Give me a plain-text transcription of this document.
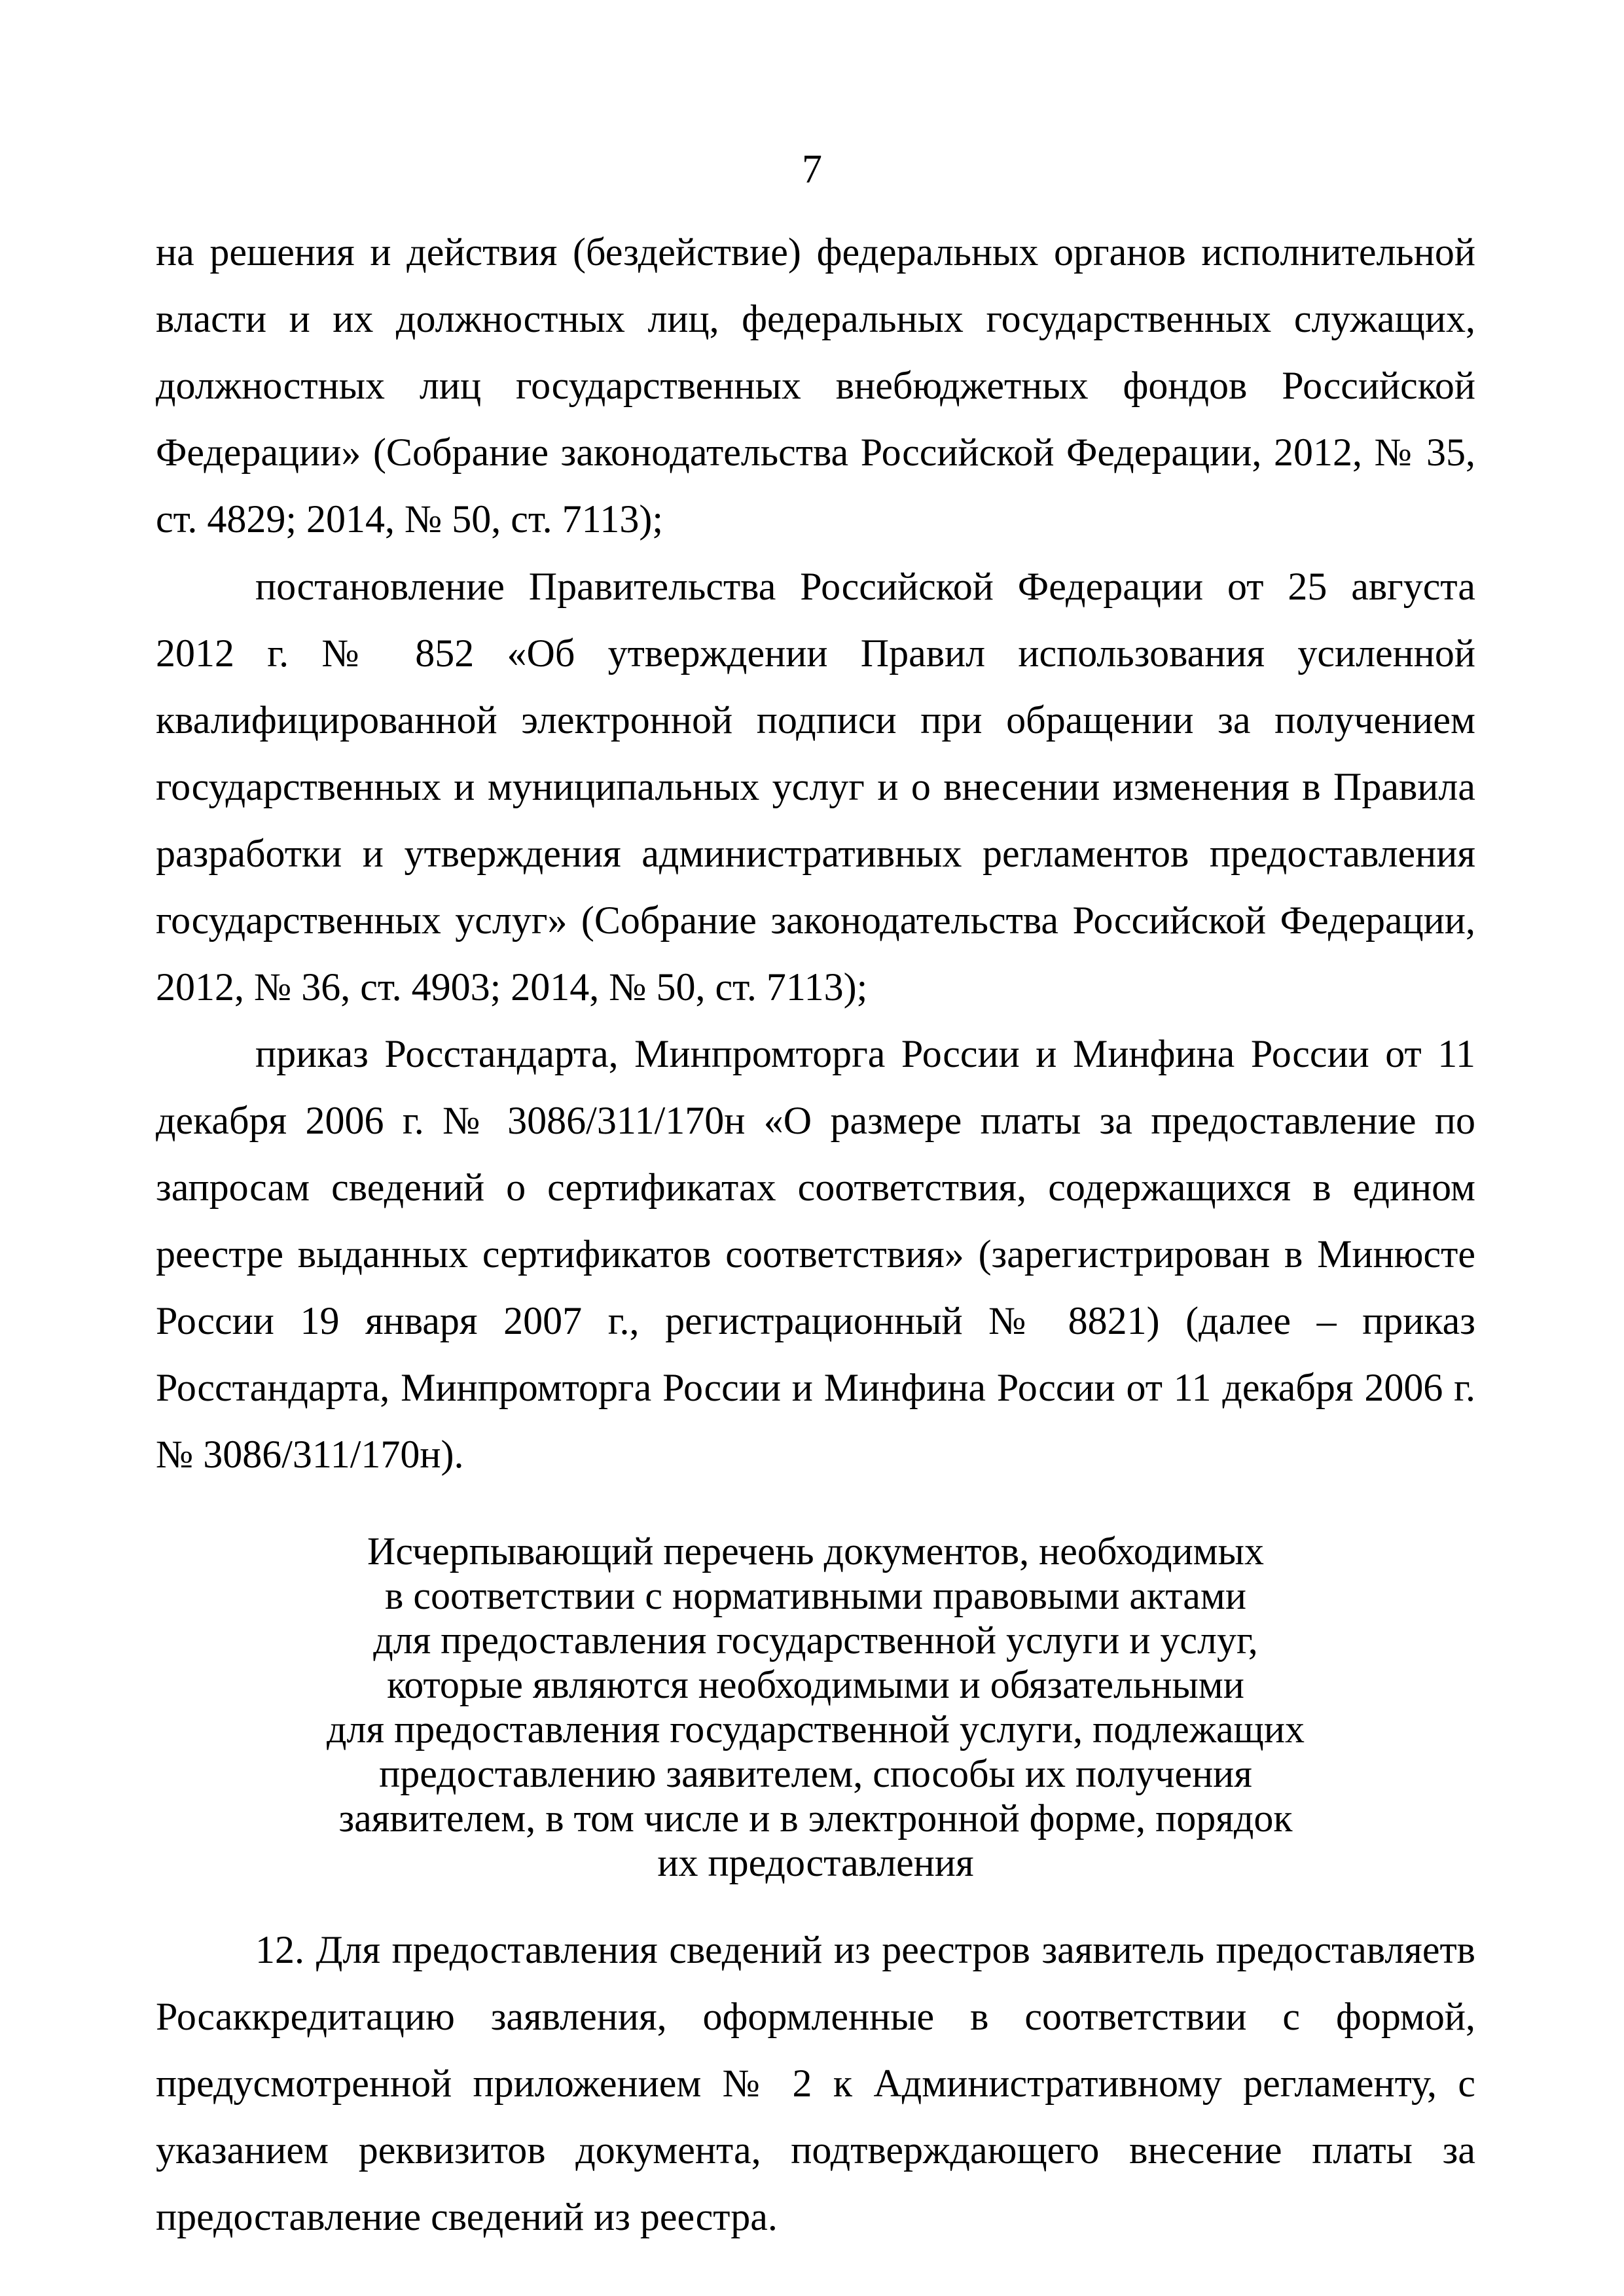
7

на решения и действия (бездействие) федеральных органов исполнительной власти и их должностных лиц, федеральных государственных служащих, должностных лиц государственных внебюджетных фондов Российской Федерации» (Собрание законодательства Российской Федерации, 2012, № 35, ст. 4829; 2014, № 50, ст. 7113);

постановление Правительства Российской Федерации от 25 августа 2012 г. № 852 «Об утверждении Правил использования усиленной квалифицированной электронной подписи при обращении за получением государственных и муниципальных услуг и о внесении изменения в Правила разработки и утверждения административных регламентов предоставления государственных услуг» (Собрание законодательства Российской Федерации, 2012, № 36, ст. 4903; 2014, № 50, ст. 7113);

приказ Росстандарта, Минпромторга России и Минфина России от 11 декабря 2006 г. № 3086/311/170н «О размере платы за предоставление по запросам сведений о сертификатах соответствия, содержащихся в едином реестре выданных сертификатов соответствия» (зарегистрирован в Минюсте России 19 января 2007 г., регистрационный № 8821) (далее – приказ Росстандарта, Минпромторга России и Минфина России от 11 декабря 2006 г. № 3086/311/170н).

Исчерпывающий перечень документов, необходимых
в соответствии с нормативными правовыми актами
для предоставления государственной услуги и услуг,
которые являются необходимыми и обязательными
для предоставления государственной услуги, подлежащих
предоставлению заявителем, способы их получения
заявителем, в том числе и в электронной форме, порядок
их предоставления

12. Для предоставления сведений из реестров заявитель предоставляетв Росаккредитацию заявления, оформленные в соответствии с формой, предусмотренной приложением № 2 к Административному регламенту, с указанием реквизитов документа, подтверждающего внесение платы за предоставление сведений из реестра.
